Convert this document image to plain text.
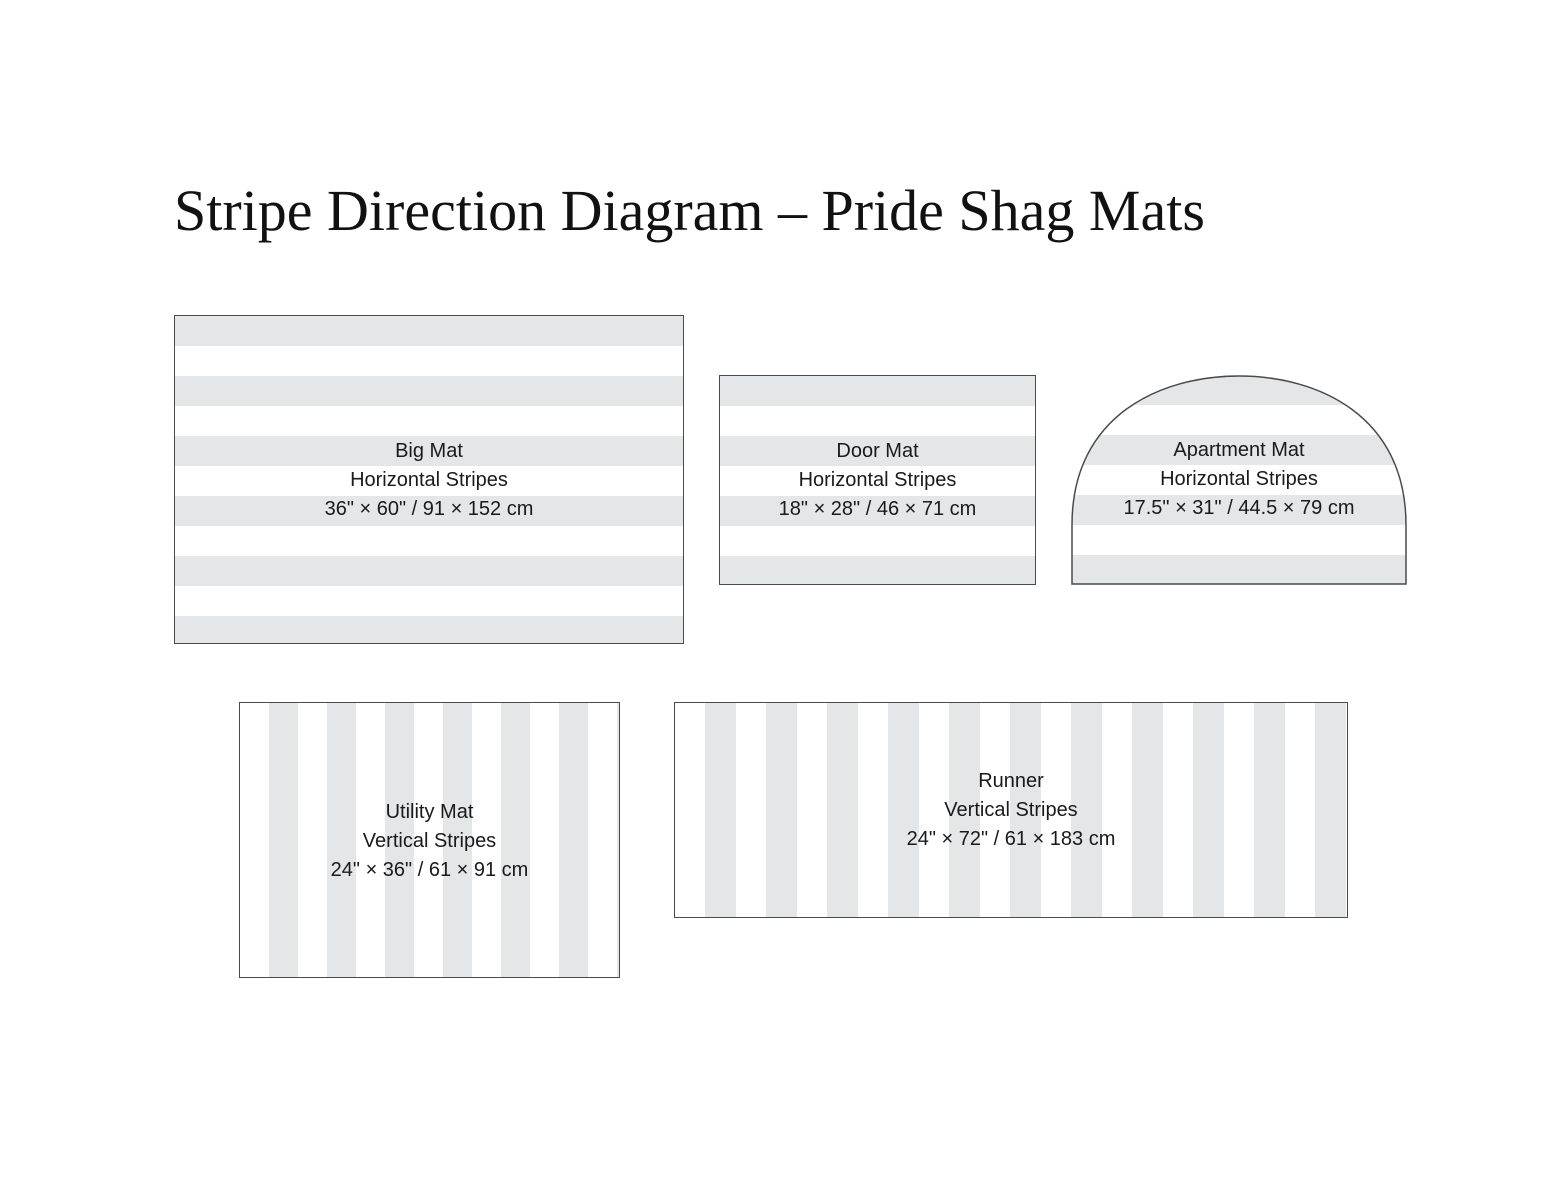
Stripe Direction Diagram – Pride Shag Mats
Big Mat
Horizontal Stripes
36" × 60" / 91 × 152 cm
Door Mat
Horizontal Stripes
18" × 28" / 46 × 71 cm
Apartment Mat
Horizontal Stripes
17.5" × 31" / 44.5 × 79 cm
Utility Mat
Vertical Stripes
24" × 36" / 61 × 91 cm
Runner
Vertical Stripes
24" × 72" / 61 × 183 cm
